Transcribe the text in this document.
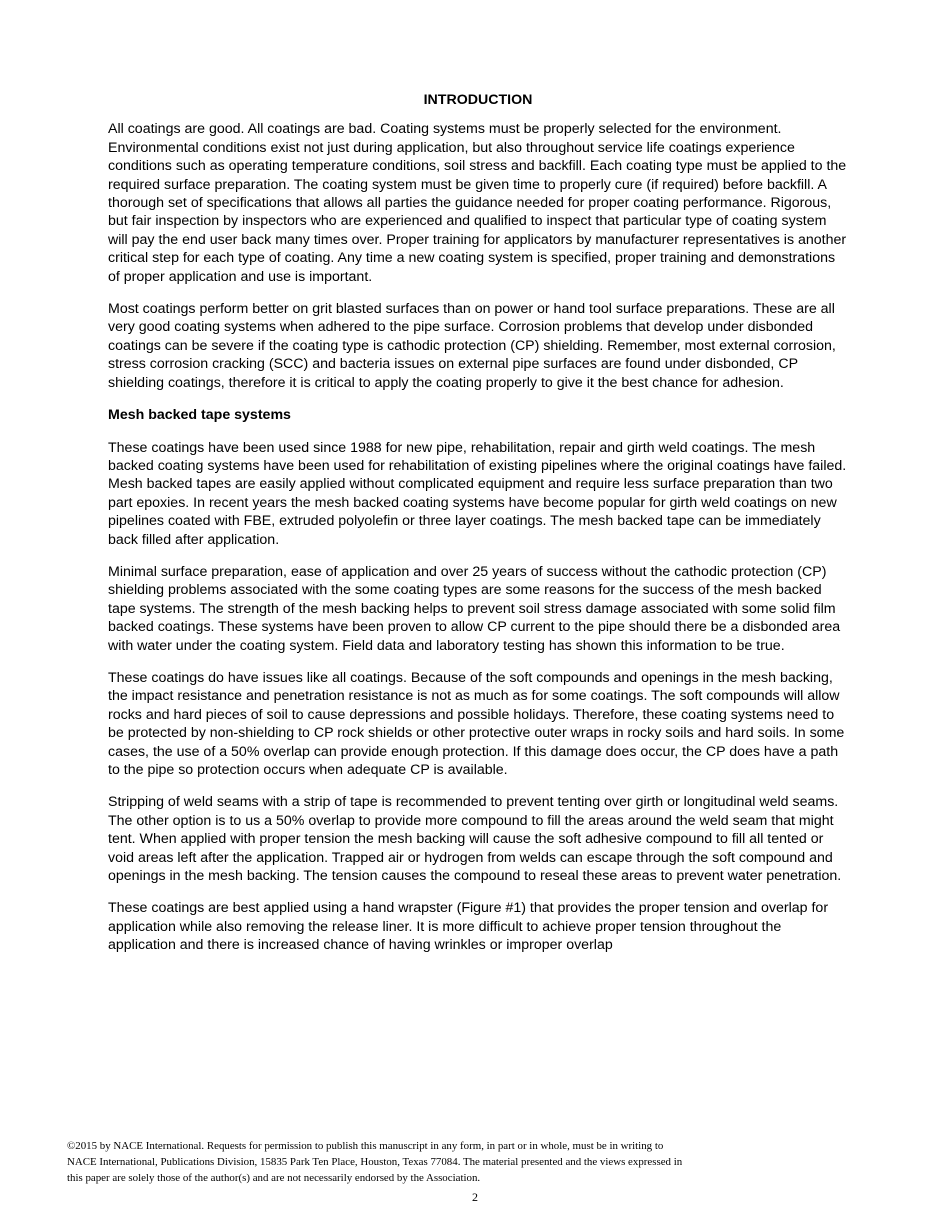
INTRODUCTION

All coatings are good. All coatings are bad. Coating systems must be properly selected for the environment. Environmental conditions exist not just during application, but also throughout service life coatings experience conditions such as operating temperature conditions, soil stress and backfill. Each coating type must be applied to the required surface preparation. The coating system must be given time to properly cure (if required) before backfill. A thorough set of specifications that allows all parties the guidance needed for proper coating performance. Rigorous, but fair inspection by inspectors who are experienced and qualified to inspect that particular type of coating system will pay the end user back many times over. Proper training for applicators by manufacturer representatives is another critical step for each type of coating. Any time a new coating system is specified, proper training and demonstrations of proper application and use is important.

Most coatings perform better on grit blasted surfaces than on power or hand tool surface preparations. These are all very good coating systems when adhered to the pipe surface. Corrosion problems that develop under disbonded coatings can be severe if the coating type is cathodic protection (CP) shielding. Remember, most external corrosion, stress corrosion cracking (SCC) and bacteria issues on external pipe surfaces are found under disbonded, CP shielding coatings, therefore it is critical to apply the coating properly to give it the best chance for adhesion.

Mesh backed tape systems

These coatings have been used since 1988 for new pipe, rehabilitation, repair and girth weld coatings. The mesh backed coating systems have been used for rehabilitation of existing pipelines where the original coatings have failed. Mesh backed tapes are easily applied without complicated equipment and require less surface preparation than two part epoxies. In recent years the mesh backed coating systems have become popular for girth weld coatings on new pipelines coated with FBE, extruded polyolefin or three layer coatings. The mesh backed tape can be immediately back filled after application.

Minimal surface preparation, ease of application and over 25 years of success without the cathodic protection (CP) shielding problems associated with the some coating types are some reasons for the success of the mesh backed tape systems. The strength of the mesh backing helps to prevent soil stress damage associated with some solid film backed coatings. These systems have been proven to allow CP current to the pipe should there be a disbonded area with water under the coating system. Field data and laboratory testing has shown this information to be true.

These coatings do have issues like all coatings. Because of the soft compounds and openings in the mesh backing, the impact resistance and penetration resistance is not as much as for some coatings. The soft compounds will allow rocks and hard pieces of soil to cause depressions and possible holidays. Therefore, these coating systems need to be protected by non-shielding to CP rock shields or other protective outer wraps in rocky soils and hard soils. In some cases, the use of a 50% overlap can provide enough protection. If this damage does occur, the CP does have a path to the pipe so protection occurs when adequate CP is available.

Stripping of weld seams with a strip of tape is recommended to prevent tenting over girth or longitudinal weld seams. The other option is to us a 50% overlap to provide more compound to fill the areas around the weld seam that might tent. When applied with proper tension the mesh backing will cause the soft adhesive compound to fill all tented or void areas left after the application. Trapped air or hydrogen from welds can escape through the soft compound and openings in the mesh backing. The tension causes the compound to reseal these areas to prevent water penetration.

These coatings are best applied using a hand wrapster (Figure #1) that provides the proper tension and overlap for application while also removing the release liner. It is more difficult to achieve proper tension throughout the application and there is increased chance of having wrinkles or improper overlap

©2015 by NACE International. Requests for permission to publish this manuscript in any form, in part or in whole, must be in writing to
NACE International, Publications Division, 15835 Park Ten Place, Houston, Texas 77084. The material presented and the views expressed in
this paper are solely those of the author(s) and are not necessarily endorsed by the Association.
2
